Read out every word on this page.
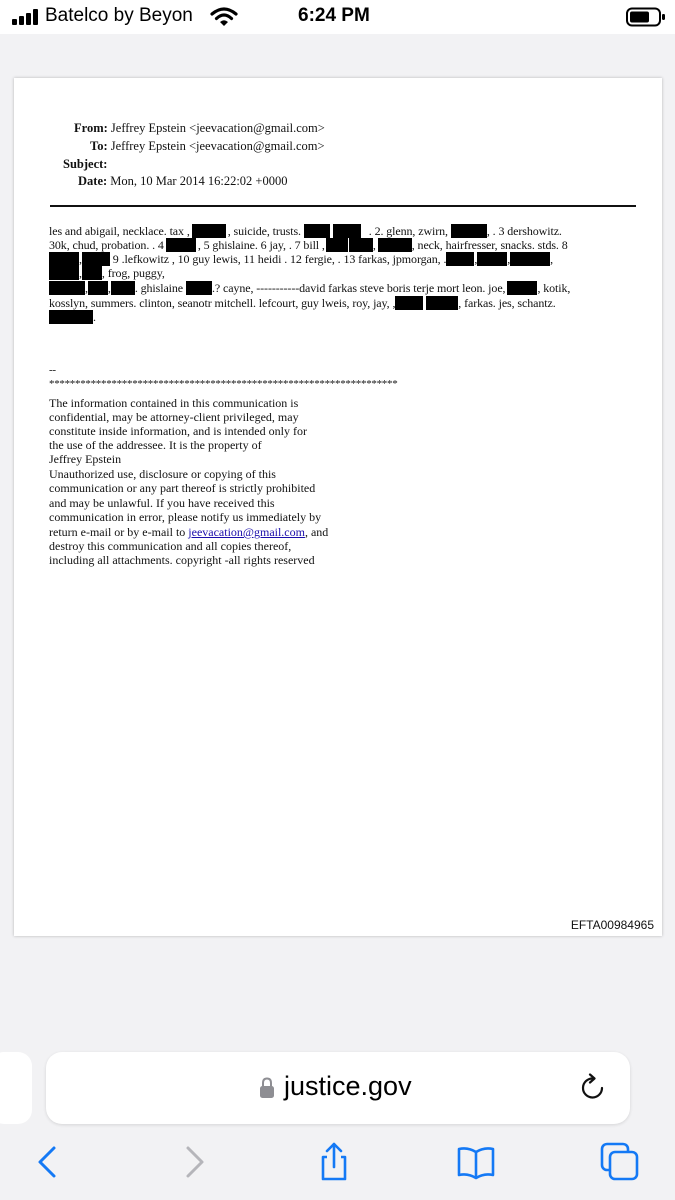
Batelco by Beyon	6:24 PM
From: Jeffrey Epstein <jeevacation@gmail.com>
To: Jeffrey Epstein <jeevacation@gmail.com>
Subject:
Date: Mon, 10 Mar 2014 16:22:02 +0000
les and abigail, necklace. tax ,	, suicide, trusts.	. 2. glenn, zwirn,	, . 3 dershowitz.
30k, chud, probation. . 4	, 5 ghislaine. 6 jay, . 7 bill ,	,	, neck, hairfresser, snacks. stds. 8
, 9 .lefkowitz , 10 guy lewis, 11 heidi . 12 fergie, . 13 farkas, jpmorgan, . ,	,	,
, , frog, puggy,
, , . ghislaine .? cayne, -----------david farkas steve boris terje mort leon. joe,	, kotik,
kosslyn, summers. clinton, seanotr mitchell. lefcourt, guy lweis, roy, jay, ,	, farkas. jes, schantz.
.
--
*******************************************************************
The information contained in this communication is
confidential, may be attorney-client privileged, may
constitute inside information, and is intended only for
the use of the addressee. It is the property of
Jeffrey Epstein
Unauthorized use, disclosure or copying of this
communication or any part thereof is strictly prohibited
and may be unlawful. If you have received this
communication in error, please notify us immediately by
return e-mail or by e-mail to jeevacation@gmail.com, and
destroy this communication and all copies thereof,
including all attachments. copyright -all rights reserved
EFTA00984965
justice.gov
